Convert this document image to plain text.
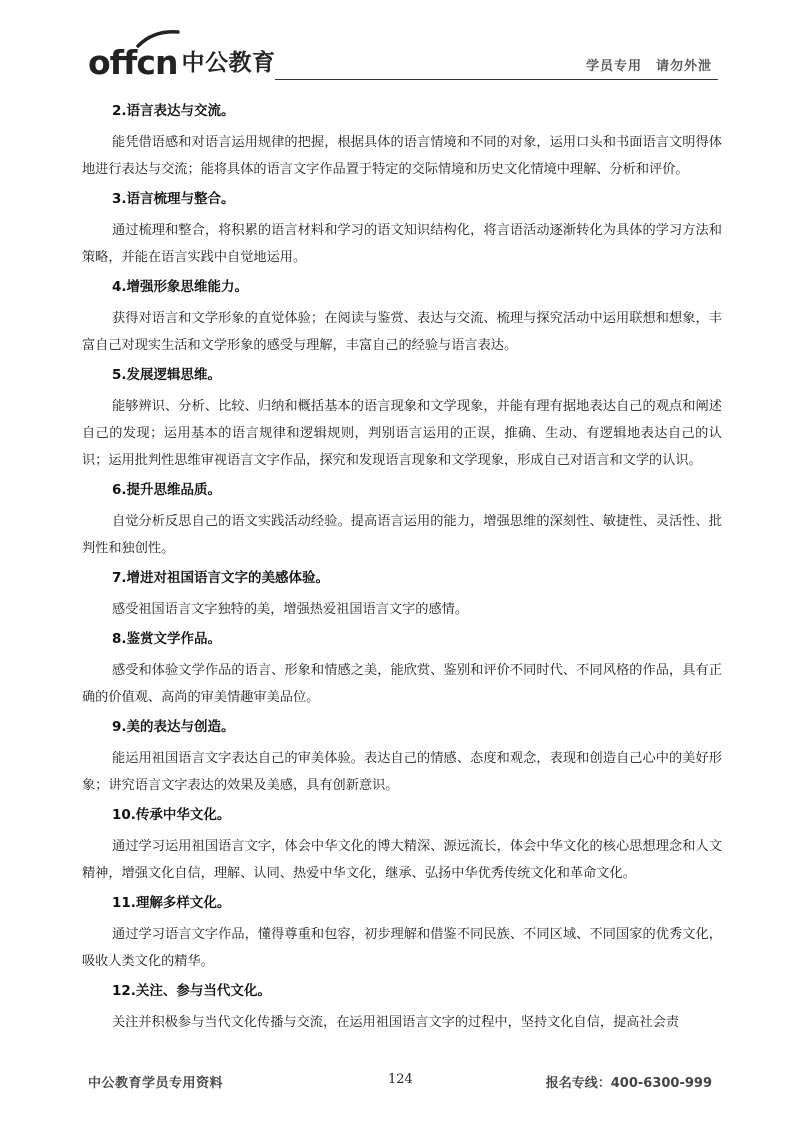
offcn 中公教育	学员专用　请勿外泄
2.语言表达与交流。

能凭借语感和对语言运用规律的把握，根据具体的语言情境和不同的对象，运用口头和书面语言文明得体地进行表达与交流；能将具体的语言文字作品置于特定的交际情境和历史文化情境中理解、分析和评价。

3.语言梳理与整合。

通过梳理和整合，将积累的语言材料和学习的语文知识结构化，将言语活动逐渐转化为具体的学习方法和策略，并能在语言实践中自觉地运用。

4.增强形象思维能力。

获得对语言和文学形象的直觉体验；在阅读与鉴赏、表达与交流、梳理与探究活动中运用联想和想象，丰富自己对现实生活和文学形象的感受与理解，丰富自己的经验与语言表达。

5.发展逻辑思维。

能够辨识、分析、比较、归纳和概括基本的语言现象和文学现象，并能有理有据地表达自己的观点和阐述自己的发现；运用基本的语言规律和逻辑规则，判别语言运用的正误，推确、生动、有逻辑地表达自己的认识；运用批判性思维审视语言文字作品，探究和发现语言现象和文学现象，形成自己对语言和文学的认识。

6.提升思维品质。

自觉分析反思自己的语文实践活动经验。提高语言运用的能力，增强思维的深刻性、敏捷性、灵活性、批判性和独创性。

7.增进对祖国语言文字的美感体验。

感受祖国语言文字独特的美，增强热爱祖国语言文字的感情。

8.鉴赏文学作品。

感受和体验文学作品的语言、形象和情感之美，能欣赏、鉴别和评价不同时代、不同风格的作品，具有正确的价值观、高尚的审美情趣审美品位。

9.美的表达与创造。

能运用祖国语言文字表达自己的审美体验。表达自己的情感、态度和观念，表现和创造自己心中的美好形象；讲究语言文字表达的效果及美感，具有创新意识。

10.传承中华文化。

通过学习运用祖国语言文字，体会中华文化的博大精深、源远流长，体会中华文化的核心思想理念和人文精神，增强文化自信，理解、认同、热爱中华文化，继承、弘扬中华优秀传统文化和革命文化。

11.理解多样文化。

通过学习语言文字作品，懂得尊重和包容，初步理解和借鉴不同民族、不同区域、不同国家的优秀文化，吸收人类文化的精华。

12.关注、参与当代文化。

关注并积极参与当代文化传播与交流，在运用祖国语言文字的过程中，坚持文化自信，提高社会责

中公教育学员专用资料	124	报名专线：400-6300-999
